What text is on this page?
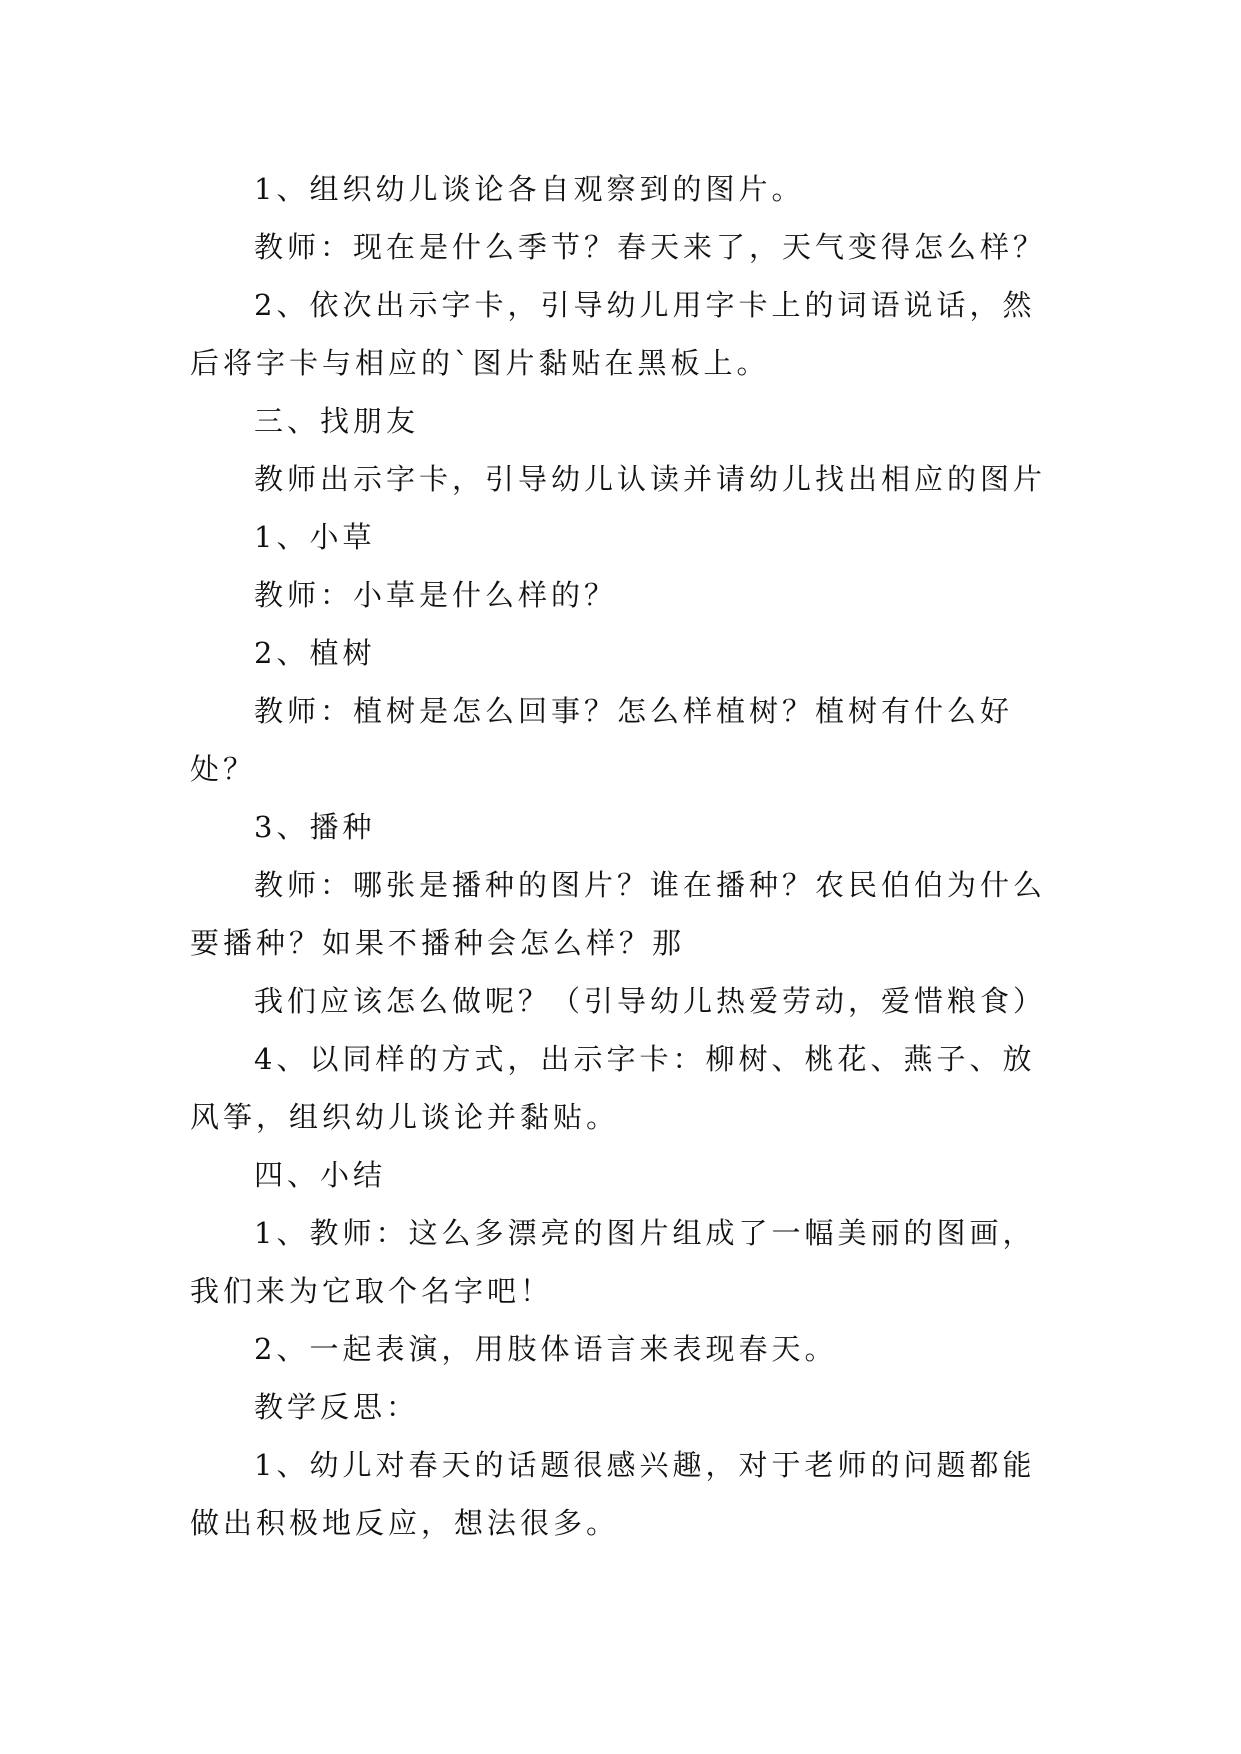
1、组织幼儿谈论各自观察到的图片。

教师：现在是什么季节？春天来了，天气变得怎么样？

2、依次出示字卡，引导幼儿用字卡上的词语说话，然后将字卡与相应的`图片黏贴在黑板上。

三、找朋友

教师出示字卡，引导幼儿认读并请幼儿找出相应的图片

1、小草

教师：小草是什么样的？

2、植树

教师：植树是怎么回事？怎么样植树？植树有什么好处？

3、播种

教师：哪张是播种的图片？谁在播种？农民伯伯为什么要播种？如果不播种会怎么样？那

我们应该怎么做呢？（引导幼儿热爱劳动，爱惜粮食）

4、以同样的方式，出示字卡：柳树、桃花、燕子、放风筝，组织幼儿谈论并黏贴。

四、小结

1、教师：这么多漂亮的图片组成了一幅美丽的图画，我们来为它取个名字吧！

2、一起表演，用肢体语言来表现春天。

教学反思：

1、幼儿对春天的话题很感兴趣，对于老师的问题都能做出积极地反应，想法很多。
